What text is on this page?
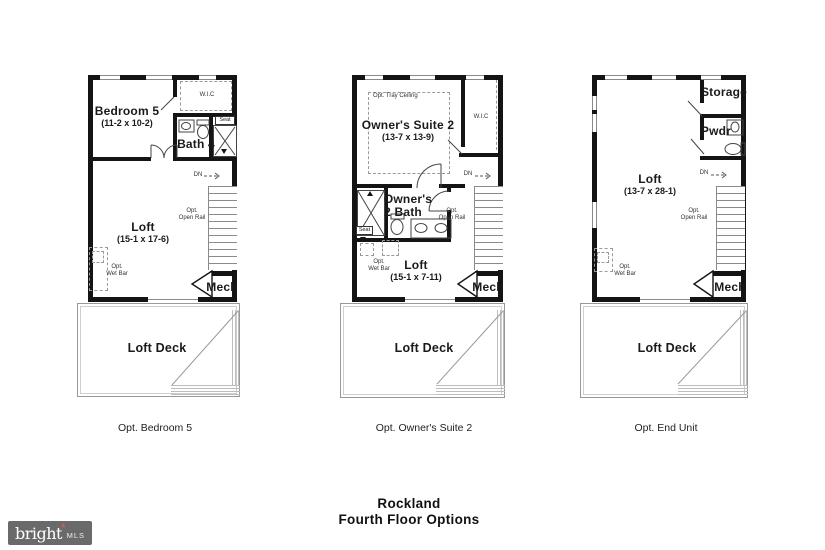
Bedroom 5
(11-2 x 10-2)
W.I.C
Bath 4
Seat
DN
Opt.
Open Rail
Loft
(15-1 x 17-6)
Opt.
Wet Bar
Mech
Loft Deck
Opt. Bedroom 5
Opt. Tray Ceiling
Owner's Suite 2
(13-7 x 13-9)
W.I.C
Owner's
2 Bath
Seat
DN
Opt.
Open Rail
Opt.
Wet Bar Loft
(15-1 x 7-11)
Mech
Loft Deck
Opt. Owner's Suite 2
Storage
Pwdr
Loft
(13-7 x 28-1)
DN
Opt.
Open Rail
Opt.
Wet Bar
Mech
Loft Deck
Opt. End Unit
Rockland
Fourth Floor Options
bright * MLS
